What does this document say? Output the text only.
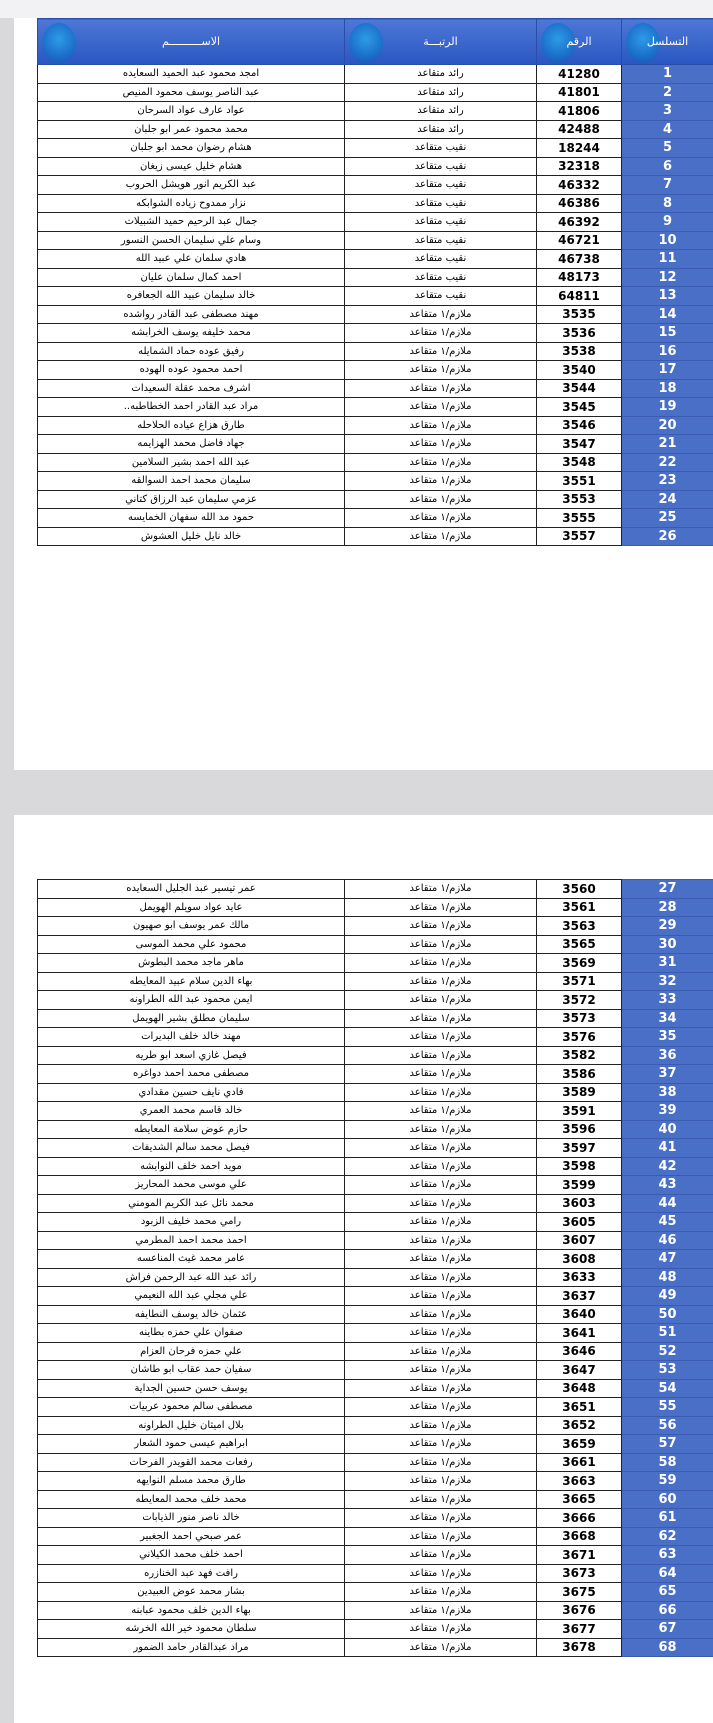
الاســــــــــم	الرتبـــة	الرقم	التسلسل
امجد محمود عبد الحميد السعايده	رائد متقاعد	41280	1
عبد الناصر يوسف محمود المنيص	رائد متقاعد	41801	2
عواد عارف عواد السرحان	رائد متقاعد	41806	3
محمد محمود عمر ابو جلبان	رائد متقاعد	42488	4
هشام رضوان محمد ابو جلبان	نقيب متقاعد	18244	5
هشام خليل عيسى زيغان	نقيب متقاعد	32318	6
عبد الكريم انور هويشل الحروب	نقيب متقاعد	46332	7
نزار ممدوح زياده الشوابكه	نقيب متقاعد	46386	8
جمال عبد الرحيم حميد الشبيلات	نقيب متقاعد	46392	9
وسام علي سليمان الحسن النسور	نقيب متقاعد	46721	10
هادي سلمان علي عبيد الله	نقيب متقاعد	46738	11
احمد كمال سلمان عليان	نقيب متقاعد	48173	12
خالد سليمان عبيد الله الجعافره	نقيب متقاعد	64811	13
مهند مصطفى عبد القادر رواشده	ملازم/١ متقاعد	3535	14
محمد خليفه يوسف الخرابشه	ملازم/١ متقاعد	3536	15
رفيق عوده حماد الشمايله	ملازم/١ متقاعد	3538	16
احمد محمود عوده الهوده	ملازم/١ متقاعد	3540	17
اشرف محمد عقلة السعيدات	ملازم/١ متقاعد	3544	18
مراد عبد القادر احمد الخطاطبه..	ملازم/١ متقاعد	3545	19
طارق هزاع عياده الحلاحله	ملازم/١ متقاعد	3546	20
جهاد فاضل محمد الهزايمه	ملازم/١ متقاعد	3547	21
عبد الله احمد بشير السلامين	ملازم/١ متقاعد	3548	22
سليمان محمد احمد السوالقه	ملازم/١ متقاعد	3551	23
عزمي سليمان عبد الرزاق كتاني	ملازم/١ متقاعد	3553	24
حمود مد الله سفهان الخمايسه	ملازم/١ متقاعد	3555	25
خالد نايل خليل العشوش	ملازم/١ متقاعد	3557	26
عمر تيسير عبد الجليل السعايده	ملازم/١ متقاعد	3560	27
عايد عواد سويلم الهويمل	ملازم/١ متقاعد	3561	28
مالك عمر يوسف ابو صهيون	ملازم/١ متقاعد	3563	29
محمود علي محمد الموسى	ملازم/١ متقاعد	3565	30
ماهر ماجد محمد البطوش	ملازم/١ متقاعد	3569	31
بهاء الدين سلام عبيد المعايطه	ملازم/١ متقاعد	3571	32
ايمن محمود عبد الله الطراونه	ملازم/١ متقاعد	3572	33
سليمان مطلق بشير الهويمل	ملازم/١ متقاعد	3573	34
مهند خالد خلف البديرات	ملازم/١ متقاعد	3576	35
فيصل غازي اسعد ابو طريه	ملازم/١ متقاعد	3582	36
مصطفى محمد احمد دواغره	ملازم/١ متقاعد	3586	37
فادي نايف حسين مقدادي	ملازم/١ متقاعد	3589	38
خالد قاسم محمد العمري	ملازم/١ متقاعد	3591	39
حازم عوض سلامة المعايطه	ملازم/١ متقاعد	3596	40
فيصل محمد سالم الشديفات	ملازم/١ متقاعد	3597	41
مويد احمد خلف النوايشه	ملازم/١ متقاعد	3598	42
علي موسى محمد المحاريز	ملازم/١ متقاعد	3599	43
محمد نائل عبد الكريم المومني	ملازم/١ متقاعد	3603	44
رامي محمد خليف الزبود	ملازم/١ متقاعد	3605	45
احمد محمد احمد المطرمي	ملازم/١ متقاعد	3607	46
عامر محمد غيث المناعسه	ملازم/١ متقاعد	3608	47
رائد عبد الله عبد الرحمن فراش	ملازم/١ متقاعد	3633	48
علي مجلي عبد الله النعيمي	ملازم/١ متقاعد	3637	49
عثمان خالد يوسف النطايفه	ملازم/١ متقاعد	3640	50
صفوان علي حمزه بطاينه	ملازم/١ متقاعد	3641	51
علي حمزه فرحان العزام	ملازم/١ متقاعد	3646	52
سفيان حمد عقاب ابو طاشان	ملازم/١ متقاعد	3647	53
يوسف حسن حسين الجداية	ملازم/١ متقاعد	3648	54
مصطفى سالم محمود عربيات	ملازم/١ متقاعد	3651	55
بلال اميثان خليل الطراونه	ملازم/١ متقاعد	3652	56
ابراهيم عيسى حمود الشعار	ملازم/١ متقاعد	3659	57
رفعات محمد القويدر الفرحات	ملازم/١ متقاعد	3661	58
طارق محمد مسلم النوايهه	ملازم/١ متقاعد	3663	59
محمد خلف محمد المعايطه	ملازم/١ متقاعد	3665	60
خالد ناصر منور الذيابات	ملازم/١ متقاعد	3666	61
عمر صبحي احمد الجغبير	ملازم/١ متقاعد	3668	62
احمد خلف محمد الكيلاني	ملازم/١ متقاعد	3671	63
رافت فهد عبد الخنازره	ملازم/١ متقاعد	3673	64
بشار محمد عوض العبيدين	ملازم/١ متقاعد	3675	65
بهاء الدين خلف محمود عبابنه	ملازم/١ متقاعد	3676	66
سلطان محمود خير الله الخرشه	ملازم/١ متقاعد	3677	67
مراد عبدالقادر حامد الضمور	ملازم/١ متقاعد	3678	68
